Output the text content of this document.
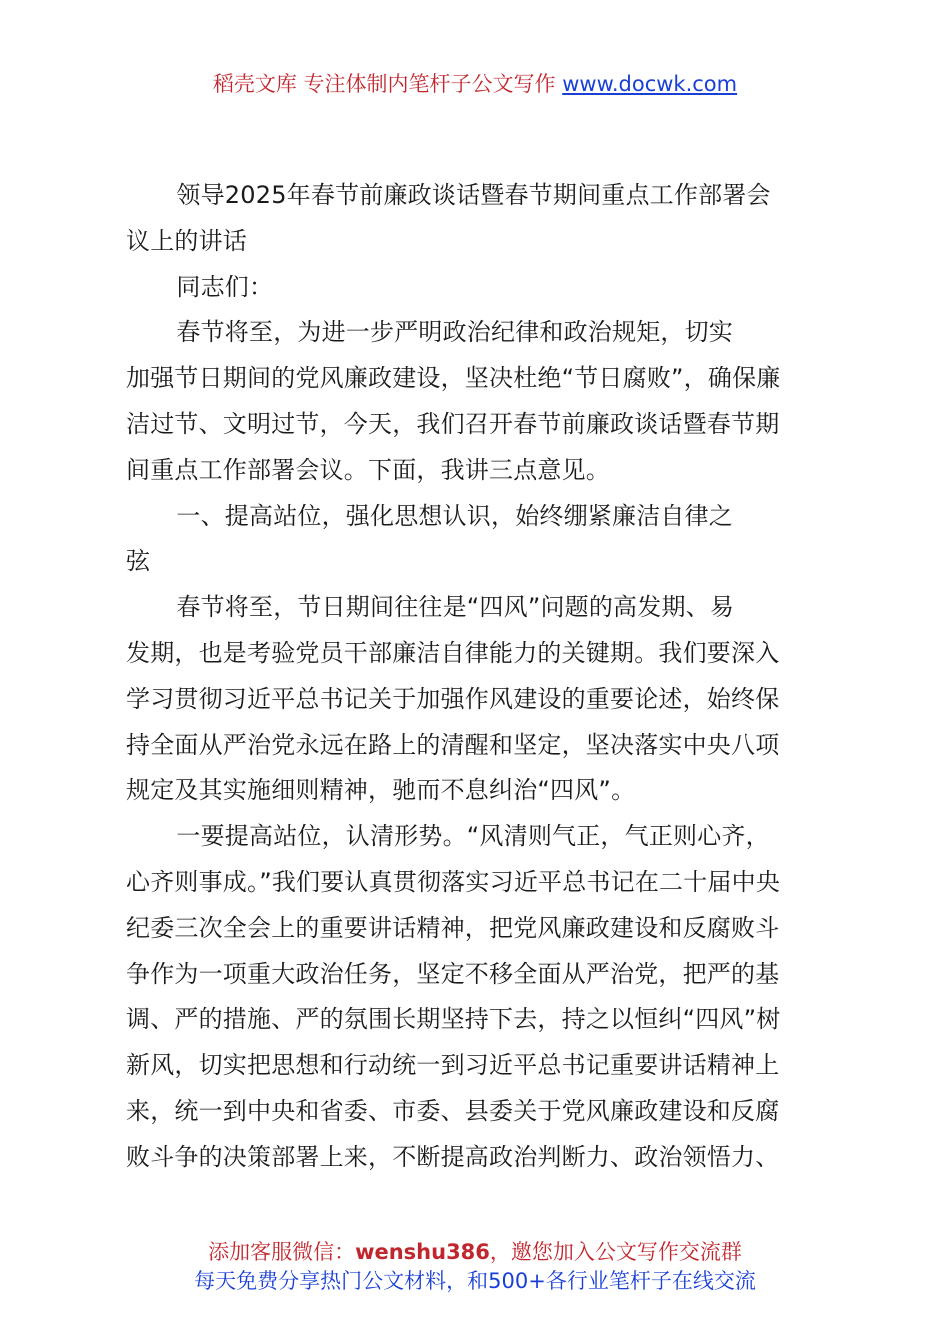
稻壳文库 专注体制内笔杆子公文写作 www.docwk.com

领导2025年春节前廉政谈话暨春节期间重点工作部署会

议上的讲话

同志们：

春节将至，为进一步严明政治纪律和政治规矩，切实

加强节日期间的党风廉政建设，坚决杜绝“节日腐败”，确保廉

洁过节、文明过节，今天，我们召开春节前廉政谈话暨春节期

间重点工作部署会议。下面，我讲三点意见。

一、提高站位，强化思想认识，始终绷紧廉洁自律之

弦

春节将至，节日期间往往是“四风”问题的高发期、易

发期，也是考验党员干部廉洁自律能力的关键期。我们要深入

学习贯彻习近平总书记关于加强作风建设的重要论述，始终保

持全面从严治党永远在路上的清醒和坚定，坚决落实中央八项

规定及其实施细则精神，驰而不息纠治“四风”。

一要提高站位，认清形势。“风清则气正，气正则心齐，

心齐则事成。”我们要认真贯彻落实习近平总书记在二十届中央

纪委三次全会上的重要讲话精神，把党风廉政建设和反腐败斗

争作为一项重大政治任务，坚定不移全面从严治党，把严的基

调、严的措施、严的氛围长期坚持下去，持之以恒纠“四风”树

新风，切实把思想和行动统一到习近平总书记重要讲话精神上

来，统一到中央和省委、市委、县委关于党风廉政建设和反腐

败斗争的决策部署上来，不断提高政治判断力、政治领悟力、

添加客服微信：wenshu386，邀您加入公文写作交流群
每天免费分享热门公文材料，和500+各行业笔杆子在线交流
